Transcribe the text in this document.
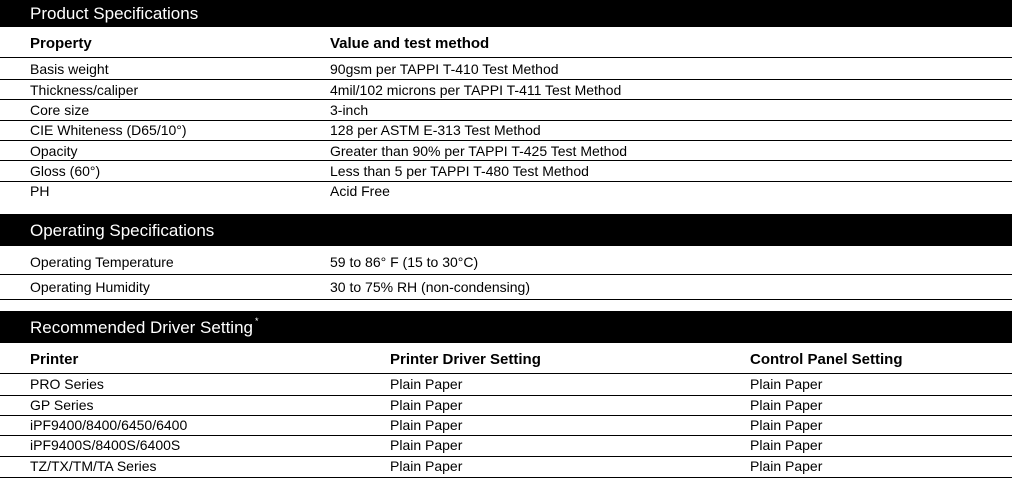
Product Specifications
Property	Value and test method
Basis weight	90gsm per TAPPI T-410 Test Method
Thickness/caliper	4mil/102 microns per TAPPI T-411 Test Method
Core size	3-inch
CIE Whiteness (D65/10°)	128 per ASTM E-313 Test Method
Opacity	Greater than 90% per TAPPI T-425 Test Method
Gloss (60°)	Less than 5 per TAPPI T-480 Test Method
PH	Acid Free
Operating Specifications
Operating Temperature	59 to 86° F (15 to 30°C)
Operating Humidity	30 to 75% RH (non-condensing)
Recommended Driver Setting*
Printer	Printer Driver Setting	Control Panel Setting
PRO Series	Plain Paper	Plain Paper
GP Series	Plain Paper	Plain Paper
iPF9400/8400/6450/6400	Plain Paper	Plain Paper
iPF9400S/8400S/6400S	Plain Paper	Plain Paper
TZ/TX/TM/TA Series	Plain Paper	Plain Paper
